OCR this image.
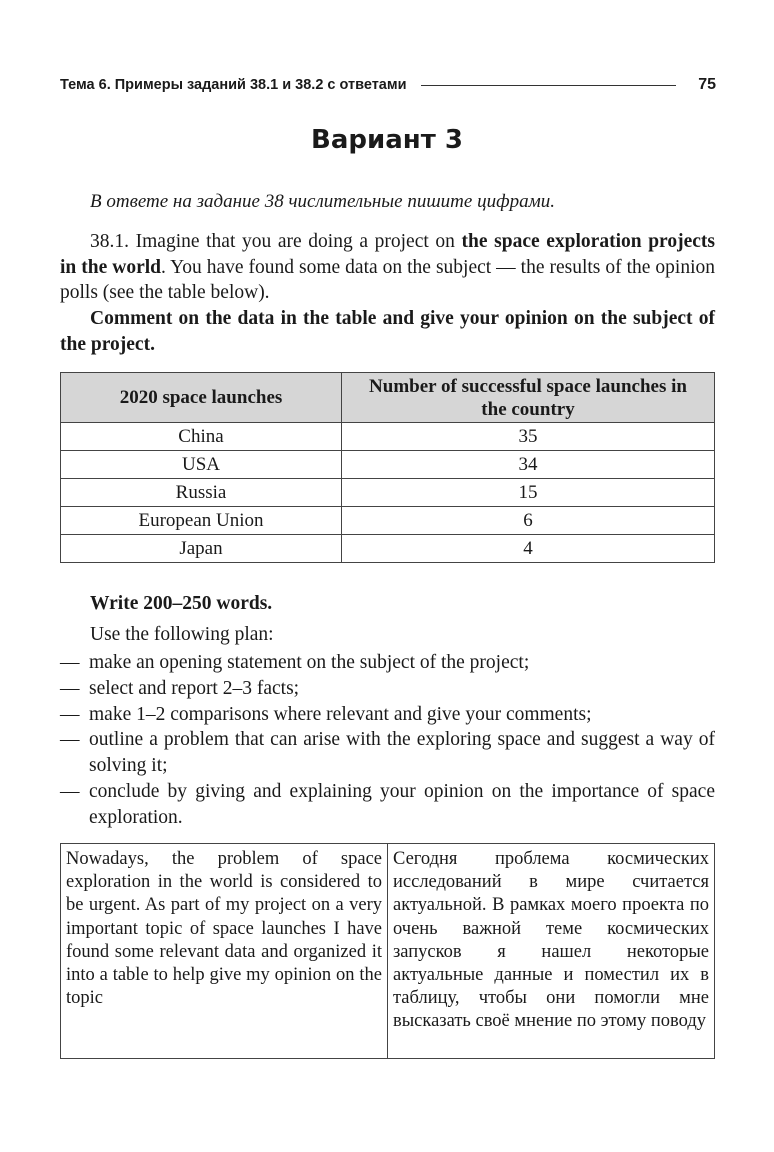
Тема 6. Примеры заданий 38.1 и 38.2 с ответами	75
Вариант 3
В ответе на задание 38 числительные пишите цифрами.

38.1. Imagine that you are doing a project on the space exploration projects in the world. You have found some data on the subject — the results of the opinion polls (see the table below).

Comment on the data in the table and give your opinion on the subject of the project.

2020 space launches	Number of successful space launches in the country
China	35
USA	34
Russia	15
European Union	6
Japan	4
Write 200–250 words.
Use the following plan:
— make an opening statement on the subject of the project;
— select and report 2–3 facts;
— make 1–2 comparisons where relevant and give your comments;
— outline a problem that can arise with the exploring space and suggest a way of solving it;
— conclude by giving and explaining your opinion on the importance of space exploration.
Nowadays, the problem of space exploration in the world is considered to be urgent. As part of my project on a very important topic of space launches I have found some relevant data and organized it into a table to help give my opinion on the topic	Сегодня проблема космических исследований в мире считается актуальной. В рамках моего проекта по очень важной теме космических запусков я нашел некоторые актуальные данные и поместил их в таблицу, чтобы они помогли мне высказать своё мнение по этому поводу
